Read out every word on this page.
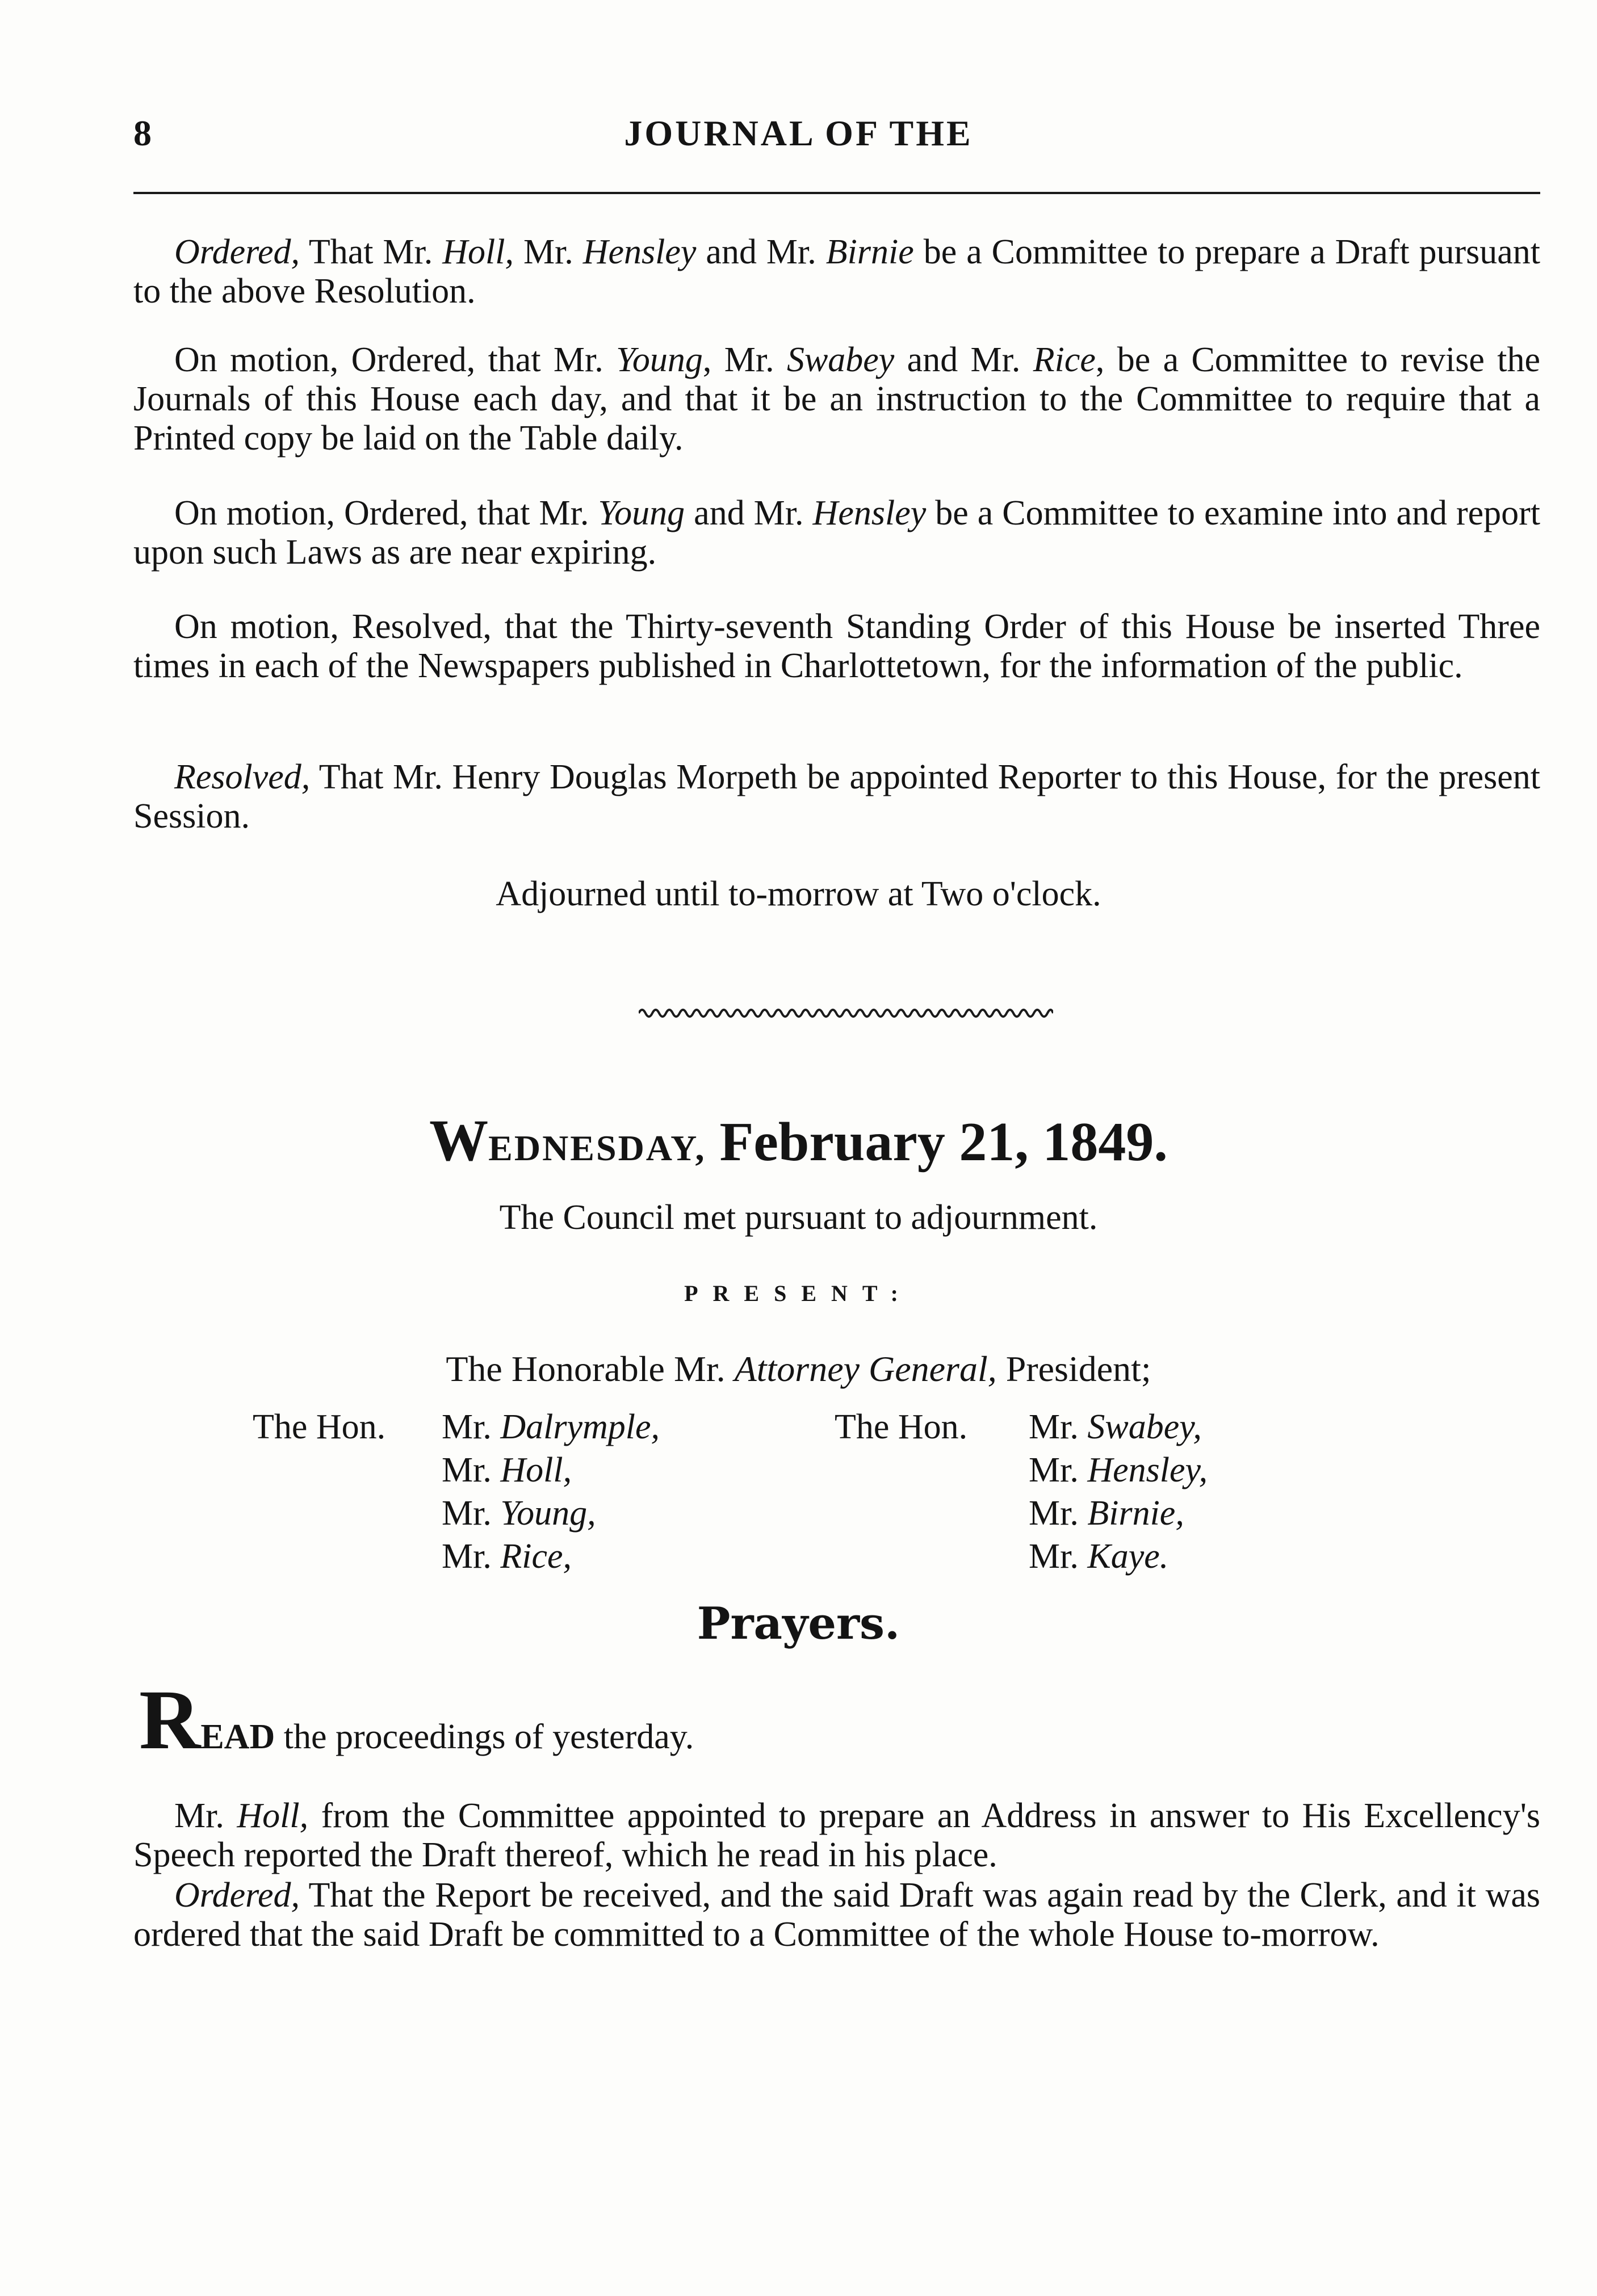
8	JOURNAL OF THE

Ordered, That Mr. Holl, Mr. Hensley and Mr. Birnie be a Committee to prepare a Draft pursuant to the above Resolution.

On motion, Ordered, that Mr. Young, Mr. Swabey and Mr. Rice, be a Committee to revise the Journals of this House each day, and that it be an instruction to the Committee to require that a Printed copy be laid on the Table daily.

On motion, Ordered, that Mr. Young and Mr. Hensley be a Committee to examine into and report upon such Laws as are near expiring.

On motion, Resolved, that the Thirty-seventh Standing Order of this House be inserted Three times in each of the Newspapers published in Charlottetown, for the information of the public.

Resolved, That Mr. Henry Douglas Morpeth be appointed Reporter to this House, for the present Session.

Adjourned until to-morrow at Two o'clock.
WEDNESDAY, February 21, 1849.
The Council met pursuant to adjournment.
PRESENT:
The Honorable Mr. Attorney General, President;
The Hon. Mr. Dalrymple,
Mr. Holl,
Mr. Young,
Mr. Rice,
The Hon. Mr. Swabey,
Mr. Hensley,
Mr. Birnie,
Mr. Kaye.
Prayers.
READ the proceedings of yesterday.

Mr. Holl, from the Committee appointed to prepare an Address in answer to His Excellency's Speech reported the Draft thereof, which he read in his place.

Ordered, That the Report be received, and the said Draft was again read by the Clerk, and it was ordered that the said Draft be committed to a Committee of the whole House to-morrow.
